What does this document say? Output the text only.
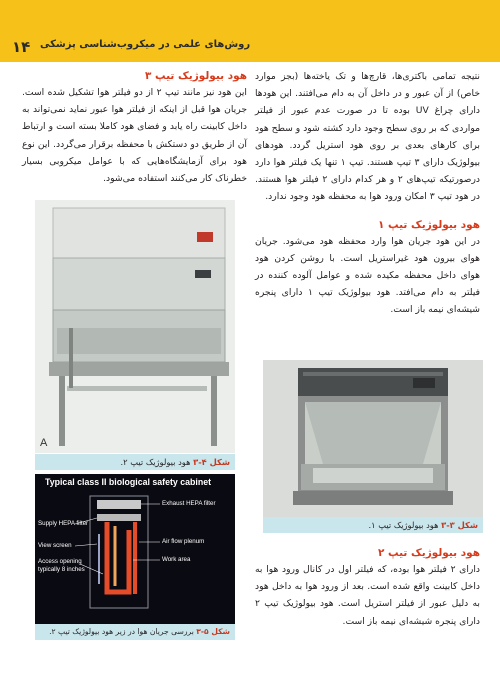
۱۴ روش‌های علمی در میکروب‌شناسی پزشکی

نتیجه تمامی باکتری‌ها، قارچ‌ها و تک یاخته‌ها (بجز موارد خاص) از آن عبور و در داخل آن به دام می‌افتند. این هودها دارای چراغ UV بوده تا در صورت عدم عبور از فیلتر مواردی که بر روی سطح وجود دارد کشته شود و سطح هود برای کارهای بعدی بر روی هود استریل گردد. هودهای بیولوژیک دارای ۳ تیپ هستند. تیپ ۱ تنها یک فیلتر هوا دارد درصورتیکه تیپ‌های ۲ و هر کدام دارای ۲ فیلتر هوا هستند. در هود تیپ ۳ امکان ورود هوا به محفظه هود وجود ندارد.

هود بیولوژیک تیپ ۱

در این هود جریان هوا وارد محفظه هود می‌شود. جریان هوای بیرون هود غیراستریل است. با روشن کردن هود هوای داخل محفظه مکیده شده و عوامل آلوده کننده در فیلتر به دام می‌افتد. هود بیولوژیک تیپ ۱ دارای پنجره شیشه‌ای نیمه باز است.

شکل ۳-۳ هود بیولوژیک تیپ ۱.
هود بیولوژیک تیپ ۲

دارای ۲ فیلتر هوا بوده، که فیلتر اول در کانال ورود هوا به داخل کابینت واقع شده است. بعد از ورود هوا به داخل هود به دلیل عبور از فیلتر استریل است. هود بیولوژیک تیپ ۲ دارای پنجره شیشه‌ای نیمه باز است.

هود بیولوژیک تیپ ۳

این هود نیز مانند تیپ ۲ از دو فیلتر هوا تشکیل شده است. جریان هوا قبل از اینکه از فیلتر هوا عبور نماید نمی‌تواند به داخل کابینت راه یابد و فضای هود کاملا بسته است و ارتباط آن از طریق دو دستکش با محفظه برقرار می‌گردد. این نوع هود برای آزمایشگاه‌هایی که با عوامل میکروبی بسیار خطرناک کار می‌کنند استفاده می‌شود.

A
شکل ۴-۳ هود بیولوژیک تیپ ۲.
Typical class II biological safety cabinet
Exhaust HEPA filter
Supply HEPA filter
View screen
Air flow plenum
Access opening
typically 8 inches
Work area
شکل ۵-۳ بررسی جریان هوا در زیر هود بیولوژیک تیپ ۲.
